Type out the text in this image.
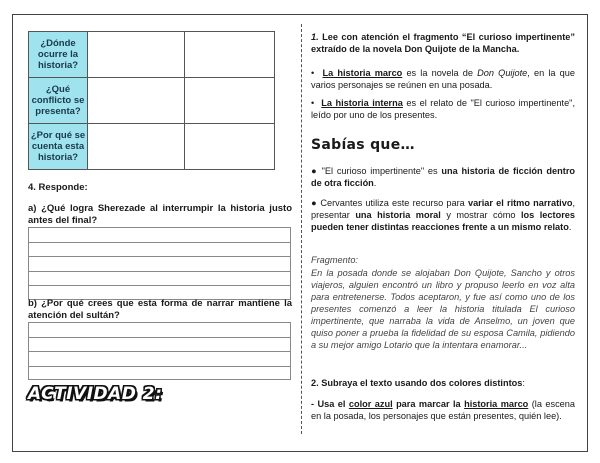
¿Dónde ocurre la historia?		
¿Qué conflicto se presenta?		
¿Por qué se cuenta esta historia?		
4. Responde:
a) ¿Qué logra Sherezade al interrumpir la historia justo antes del final?
b) ¿Por qué crees que esta forma de narrar mantiene la atención del sultán?
ACTIVIDAD 2:
1. Lee con atención el fragmento “El curioso impertinente” extraído de la novela Don Quijote de la Mancha.
•  La historia marco es la novela de Don Quijote, en la que varios personajes se reúnen en una posada.
•  La historia interna es el relato de "El curioso impertinente", leído por uno de los presentes.
Sabías que…
● "El curioso impertinente" es una historia de ficción dentro de otra ficción.
● Cervantes utiliza este recurso para variar el ritmo narrativo, presentar una historia moral y mostrar cómo los lectores pueden tener distintas reacciones frente a un mismo relato.
Fragmento:
En la posada donde se alojaban Don Quijote, Sancho y otros viajeros, alguien encontró un libro y propuso leerlo en voz alta para entretenerse. Todos aceptaron, y fue así como uno de los presentes comenzó a leer la historia titulada El curioso impertinente, que narraba la vida de Anselmo, un joven que quiso poner a prueba la fidelidad de su esposa Camila, pidiendo a su mejor amigo Lotario que la intentara enamorar...
2. Subraya el texto usando dos colores distintos:
- Usa el color azul para marcar la historia marco (la escena en la posada, los personajes que están presentes, quién lee).
